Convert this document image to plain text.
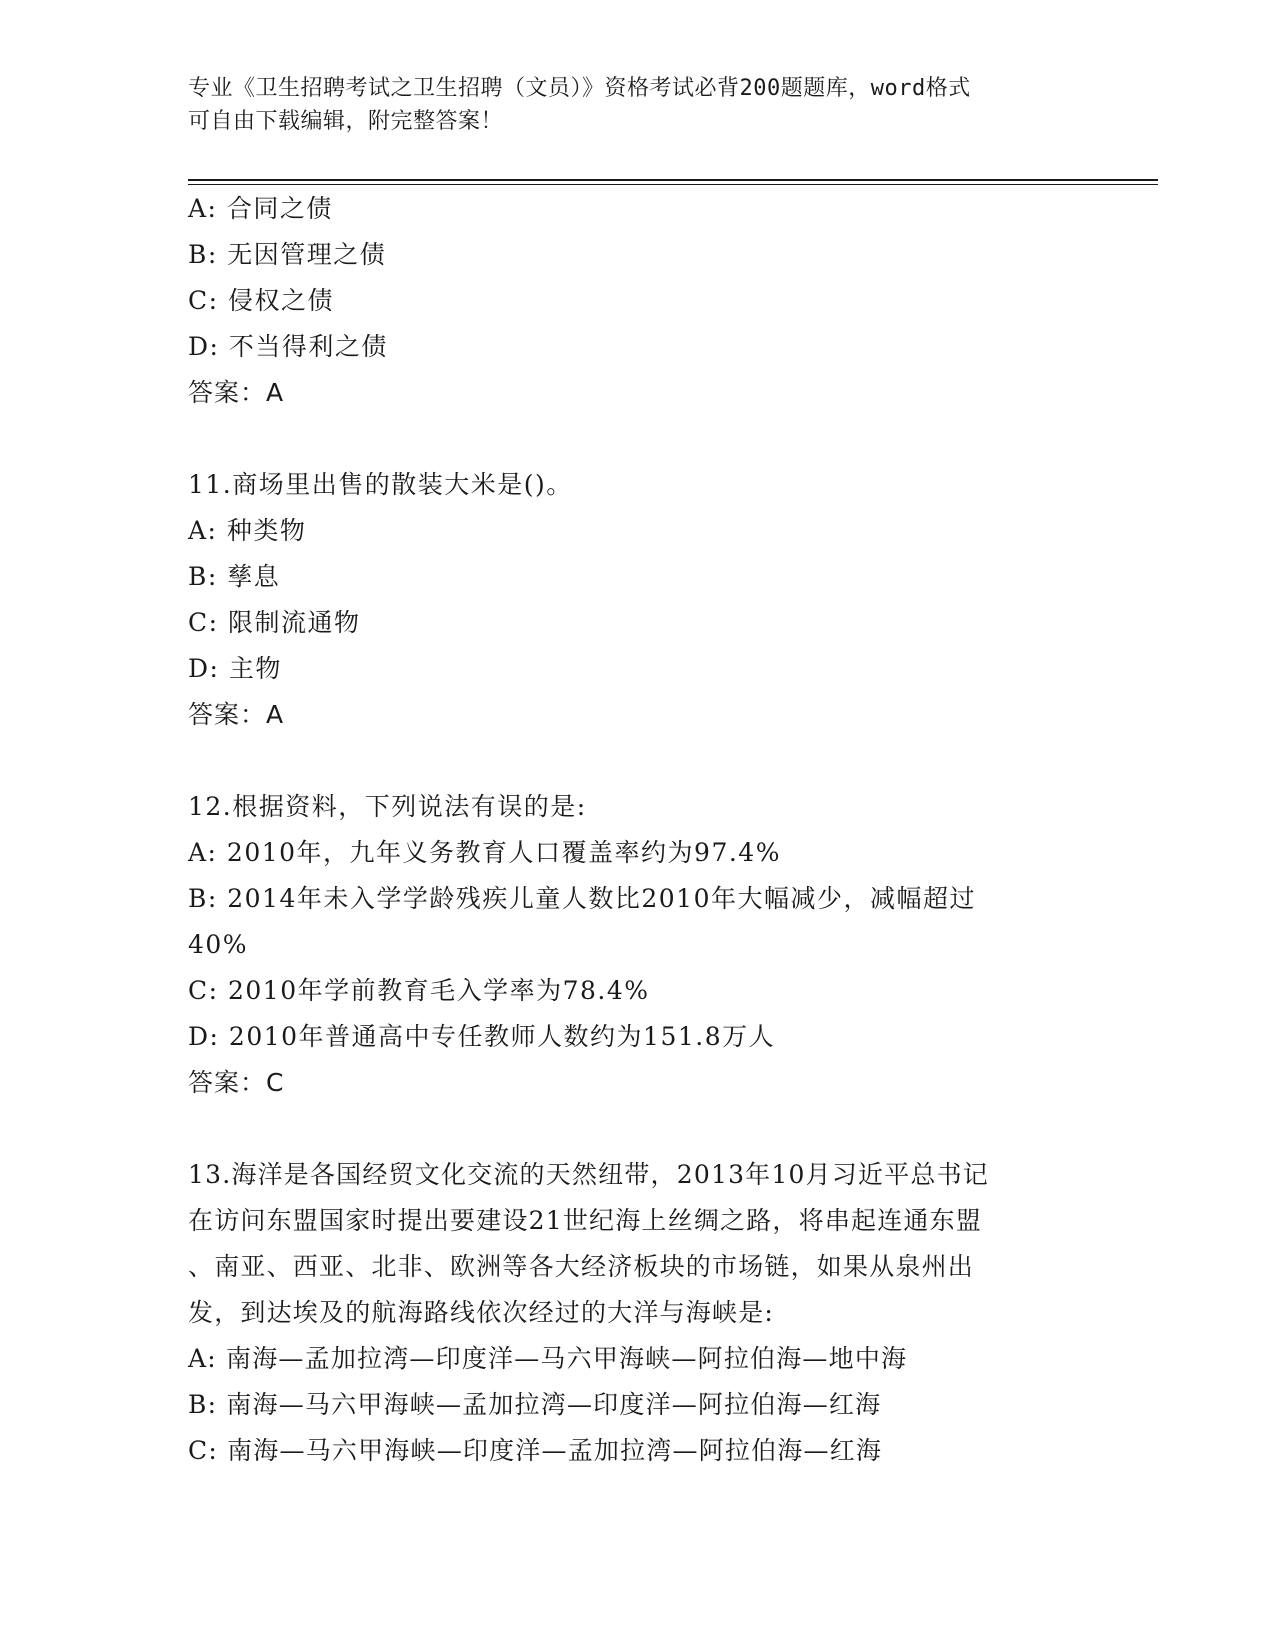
专业《卫生招聘考试之卫生招聘（文员）》资格考试必背200题题库，word格式
可自由下载编辑，附完整答案！
A: 合同之债
B: 无因管理之债
C: 侵权之债
D: 不当得利之债
答案：A
11.商场里出售的散装大米是()。
A: 种类物
B: 孳息
C: 限制流通物
D: 主物
答案：A
12.根据资料，下列说法有误的是:
A: 2010年，九年义务教育人口覆盖率约为97.4%
B: 2014年未入学学龄残疾儿童人数比2010年大幅减少，减幅超过
40%
C: 2010年学前教育毛入学率为78.4%
D: 2010年普通高中专任教师人数约为151.8万人
答案：C
13.海洋是各国经贸文化交流的天然纽带，2013年10月习近平总书记
在访问东盟国家时提出要建设21世纪海上丝绸之路，将串起连通东盟
、南亚、西亚、北非、欧洲等各大经济板块的市场链，如果从泉州出
发，到达埃及的航海路线依次经过的大洋与海峡是:
A: 南海—孟加拉湾—印度洋—马六甲海峡—阿拉伯海—地中海
B: 南海—马六甲海峡—孟加拉湾—印度洋—阿拉伯海—红海
C: 南海—马六甲海峡—印度洋—孟加拉湾—阿拉伯海—红海
